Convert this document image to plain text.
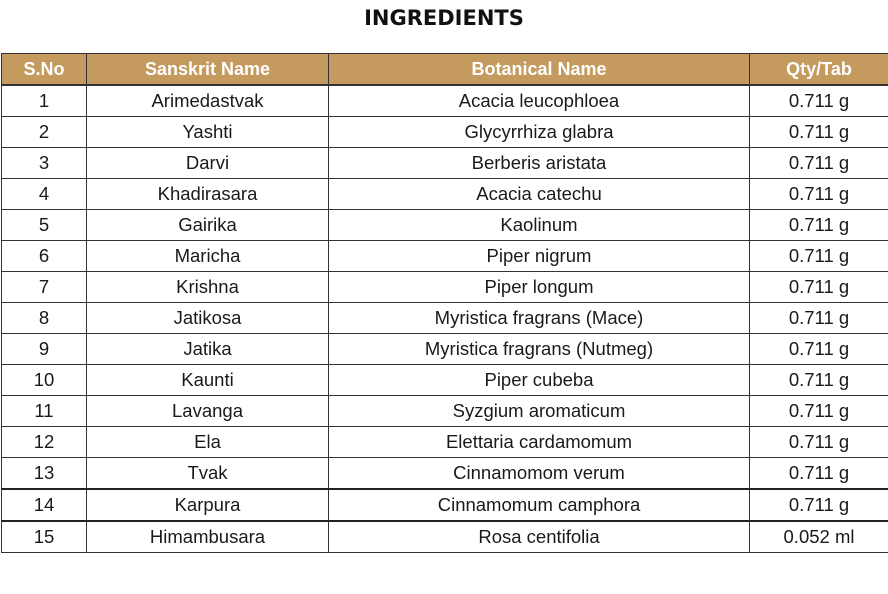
INGREDIENTS
S.No	Sanskrit Name	Botanical Name	Qty/Tab
1	Arimedastvak	Acacia leucophloea	0.711 g
2	Yashti	Glycyrrhiza glabra	0.711 g
3	Darvi	Berberis aristata	0.711 g
4	Khadirasara	Acacia catechu	0.711 g
5	Gairika	Kaolinum	0.711 g
6	Maricha	Piper nigrum	0.711 g
7	Krishna	Piper longum	0.711 g
8	Jatikosa	Myristica fragrans (Mace)	0.711 g
9	Jatika	Myristica fragrans (Nutmeg)	0.711 g
10	Kaunti	Piper cubeba	0.711 g
11	Lavanga	Syzgium aromaticum	0.711 g
12	Ela	Elettaria cardamomum	0.711 g
13	Tvak	Cinnamomom verum	0.711 g
14	Karpura	Cinnamomum camphora	0.711 g
15	Himambusara	Rosa centifolia	0.052 ml
